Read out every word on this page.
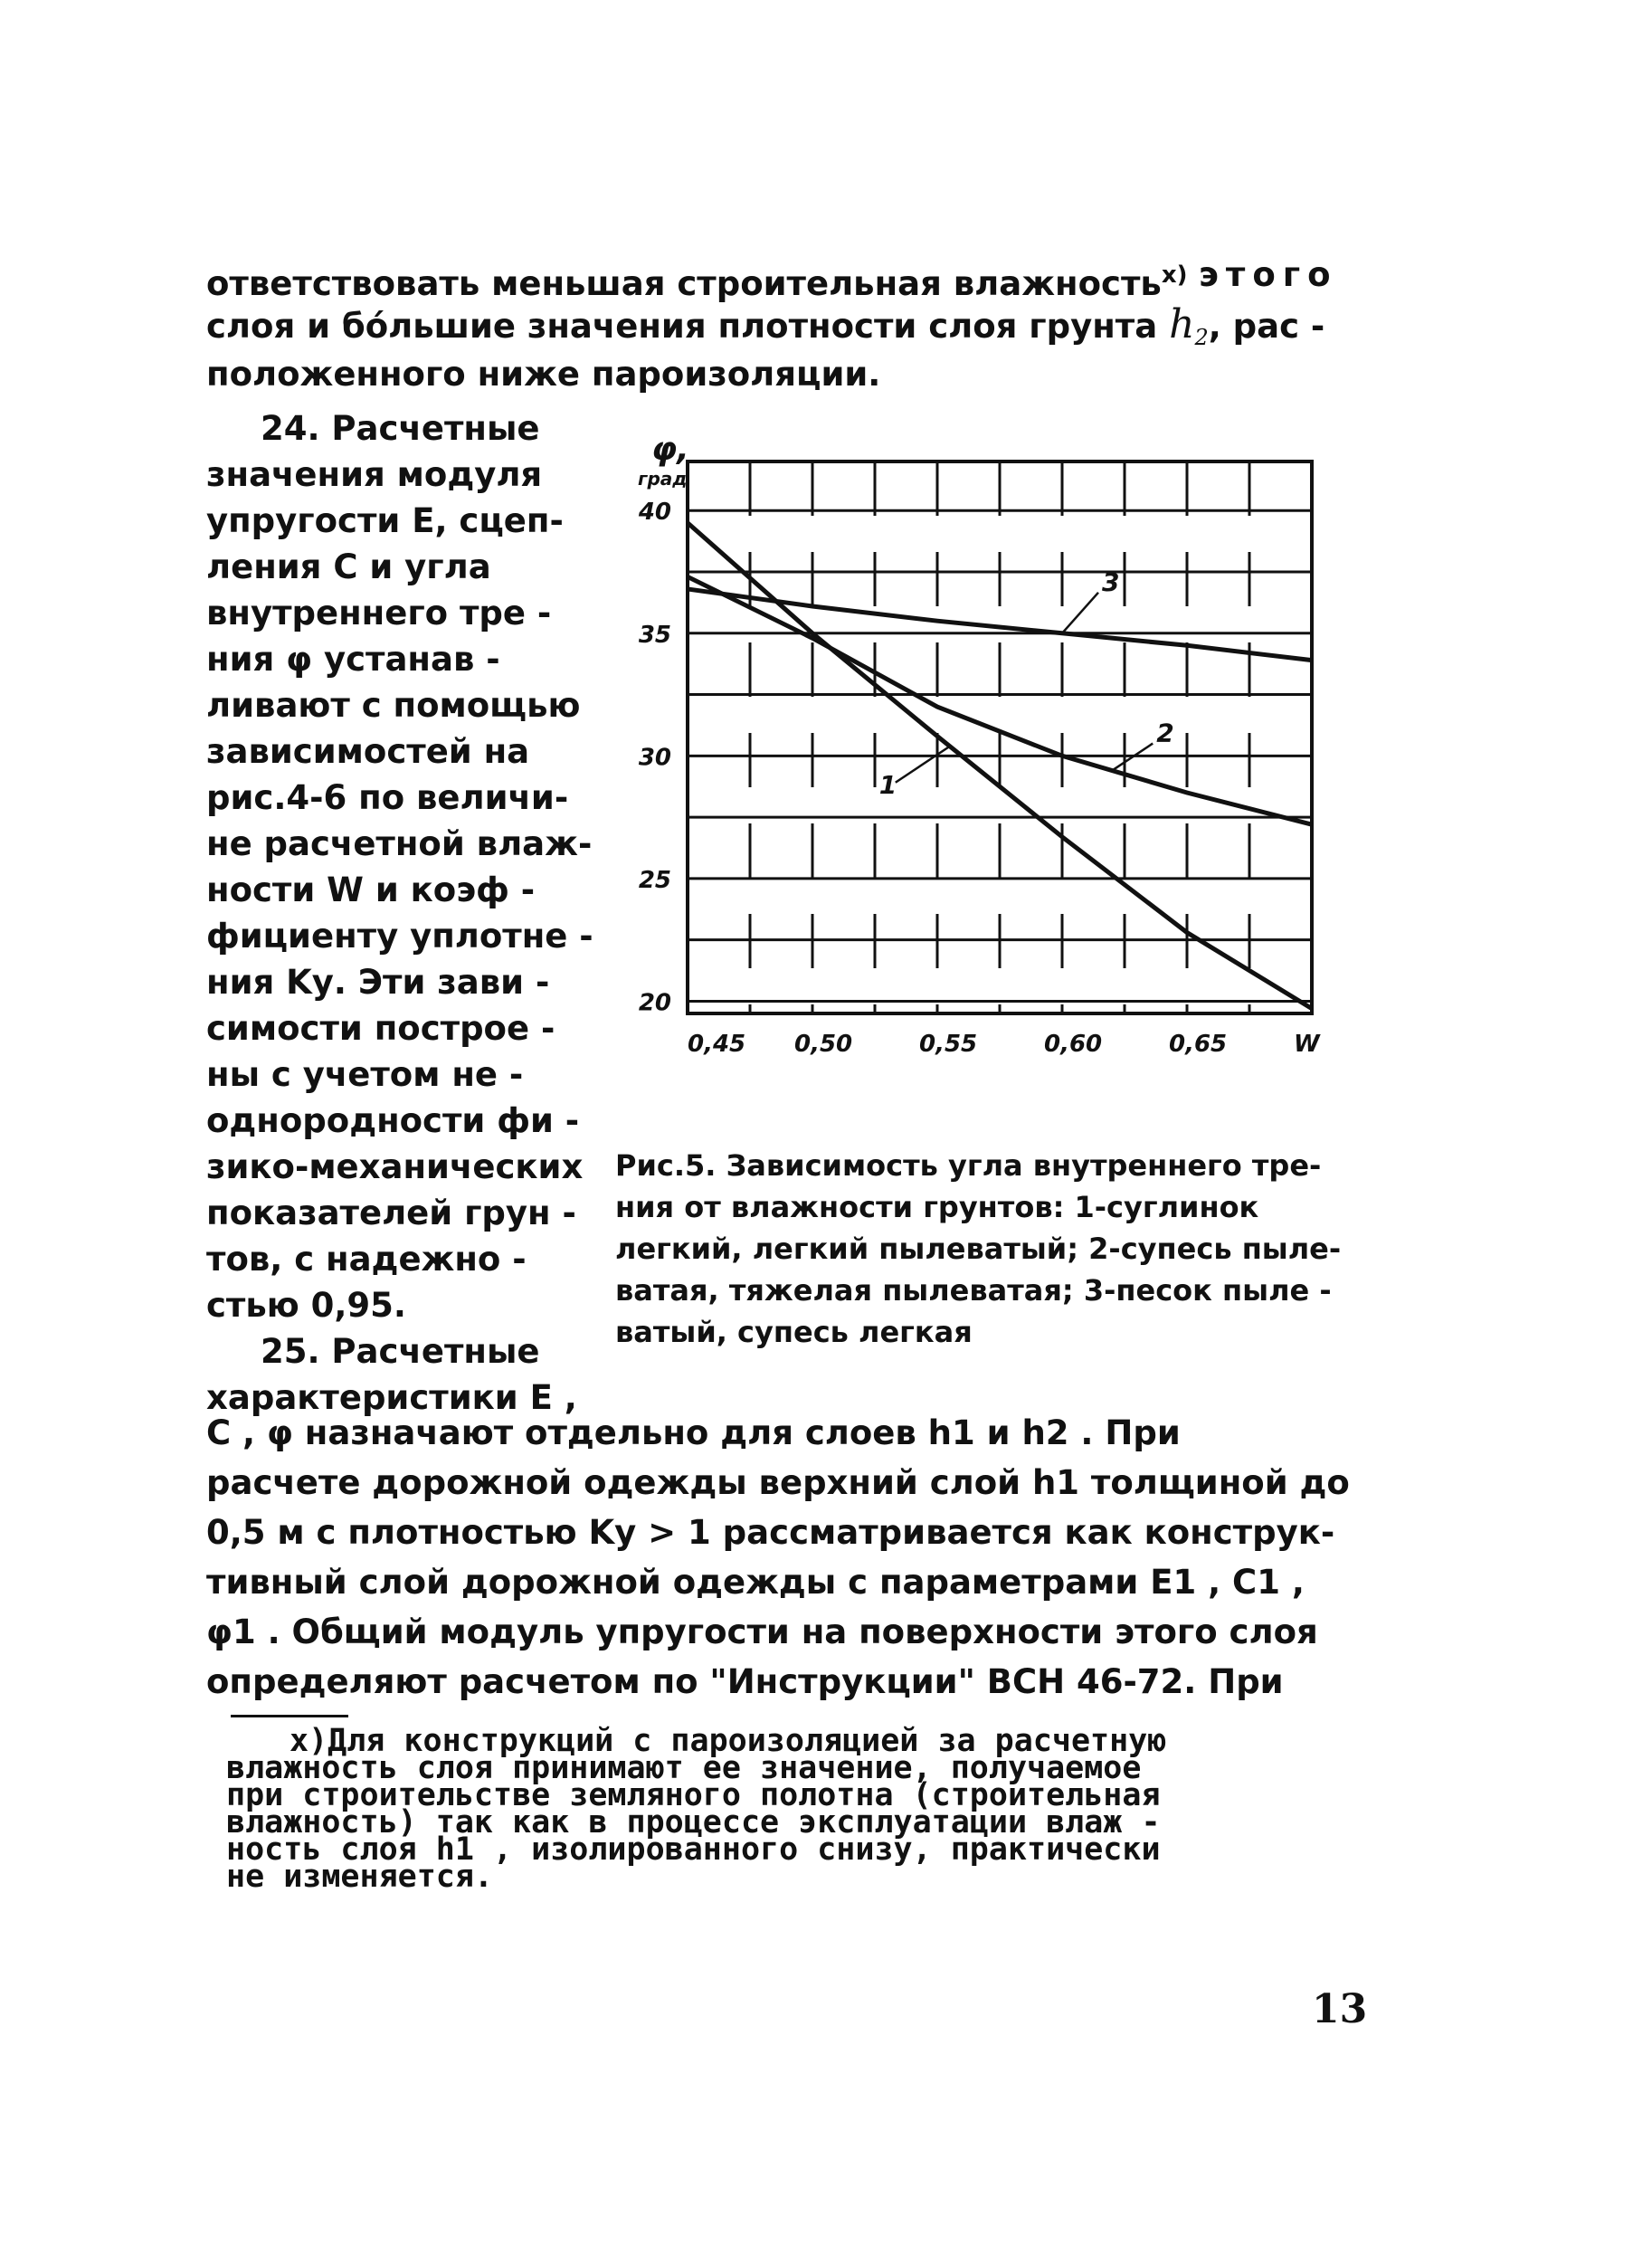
ответствовать меньшая строительная влажность$^{x)}$ этого
слоя и бо́льшие значения плотности слоя грунта $h_2$, рас -
положенного ниже пароизоляции.
24. Расчетные
значения модуля
упругости E, сцеп-
ления C и угла
внутреннего тре -
ния φ устанав -
ливают с помощью
зависимостей на
рис.4-6 по величи-
не расчетной влаж-
ности W и коэф -
фициенту уплотне -
ния Kу. Эти зави -
симости построе -
ны с учетом не -
однородности фи -
зико-механических
показателей грун -
тов, с надежно -
стью 0,95.
25. Расчетные
характеристики E ,
1
2
3
40
35
30
25
20
0,45 0,50	0,55	0,60	0,65	W
φ,
град
Рис.5. Зависимость угла внутреннего тре-
ния от влажности грунтов: 1-суглинок
легкий, легкий пылеватый; 2-супесь пыле-
ватая, тяжелая пылеватая; 3-песок пыле -
ватый, супесь легкая
C , φ назначают отдельно для слоев h1 и h2 . При
расчете дорожной одежды верхний слой h1 толщиной до
0,5 м с плотностью Kу > 1 рассматривается как конструк-
тивный слой дорожной одежды с параметрами E1 , C1 ,
φ1 . Общий модуль упругости на поверхности этого слоя
определяют расчетом по "Инструкции" ВСН 46-72. При
x)Для конструкций с пароизоляцией за расчетную
влажность слоя принимают ее значение, получаемое
при строительстве земляного полотна (строительная
влажность) так как в процессе эксплуатации влаж -
ность слоя h1 , изолированного снизу, практически
не изменяется.
13
